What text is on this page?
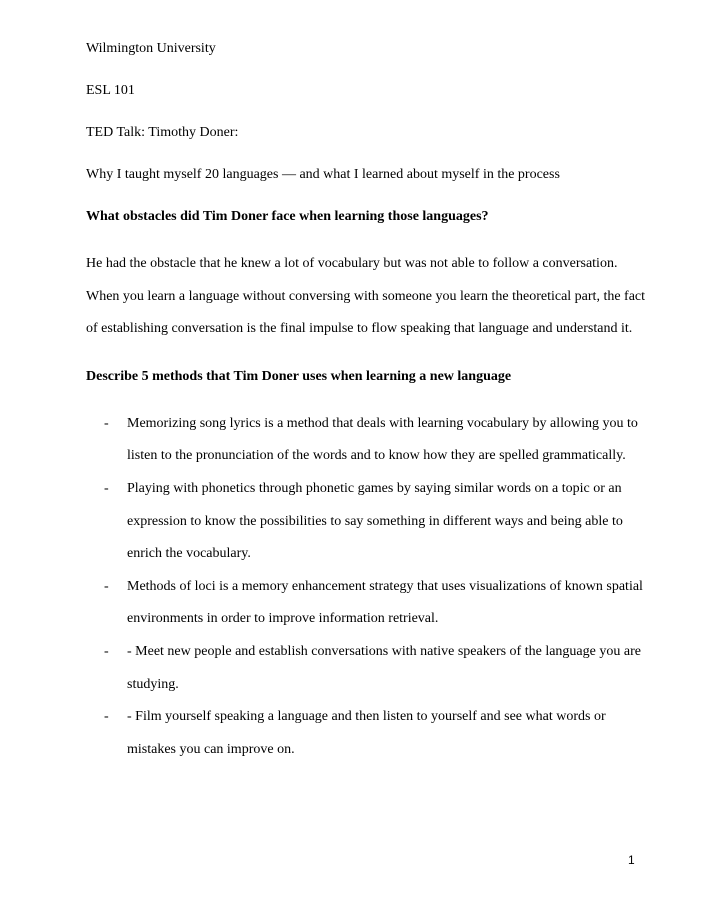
Wilmington University

ESL 101

TED Talk: Timothy Doner:

Why I taught myself 20 languages — and what I learned about myself in the process

What obstacles did Tim Doner face when learning those languages?

He had the obstacle that he knew a lot of vocabulary but was not able to follow a conversation. When you learn a language without conversing with someone you learn the theoretical part, the fact of establishing conversation is the final impulse to flow speaking that language and understand it.

Describe 5 methods that Tim Doner uses when learning a new language

- Memorizing song lyrics is a method that deals with learning vocabulary by allowing you to listen to the pronunciation of the words and to know how they are spelled grammatically.
- Playing with phonetics through phonetic games by saying similar words on a topic or an expression to know the possibilities to say something in different ways and being able to enrich the vocabulary.
- Methods of loci is a memory enhancement strategy that uses visualizations of known spatial environments in order to improve information retrieval.
- - Meet new people and establish conversations with native speakers of the language you are studying.
- - Film yourself speaking a language and then listen to yourself and see what words or mistakes you can improve on.
1
